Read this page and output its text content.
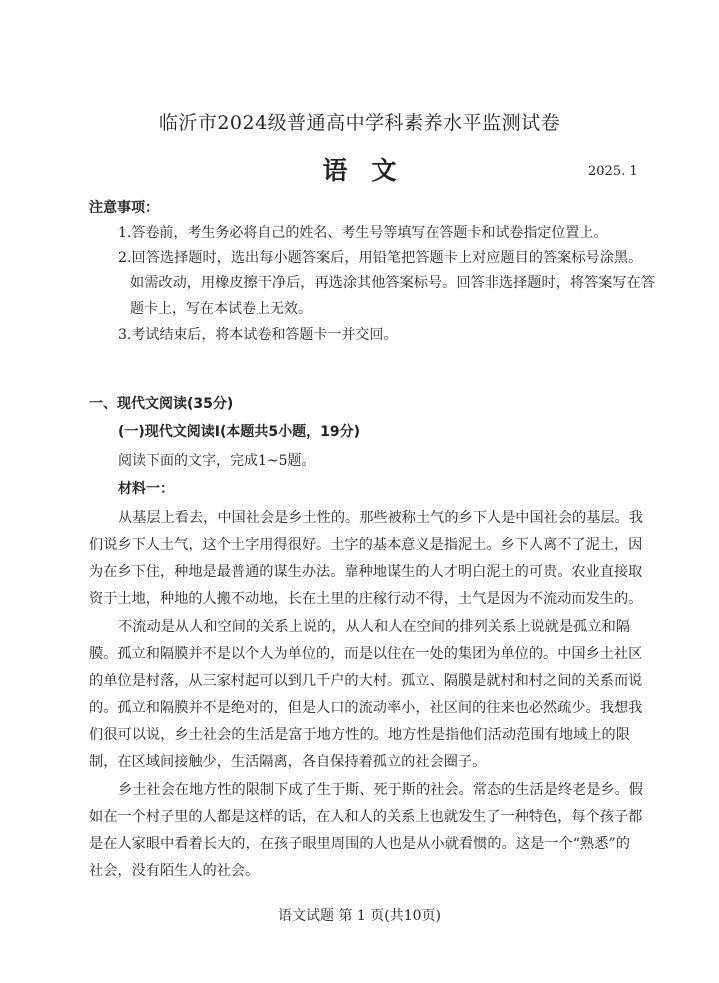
临沂市2024级普通高中学科素养水平监测试卷
语 文	2025. 1
注意事项：
1.答卷前，考生务必将自己的姓名、考生号等填写在答题卡和试卷指定位置上。
2.回答选择题时，选出每小题答案后，用铅笔把答题卡上对应题目的答案标号涂黑。
如需改动，用橡皮擦干净后，再选涂其他答案标号。回答非选择题时，将答案写在答
题卡上，写在本试卷上无效。
3.考试结束后，将本试卷和答题卡一并交回。
一、现代文阅读(35分)
(一)现代文阅读Ⅰ(本题共5小题，19分)
阅读下面的文字，完成1~5题。
材料一：
从基层上看去，中国社会是乡土性的。那些被称土气的乡下人是中国社会的基层。我
们说乡下人土气，这个土字用得很好。土字的基本意义是指泥土。乡下人离不了泥土，因
为在乡下住，种地是最普通的谋生办法。靠种地谋生的人才明白泥土的可贵。农业直接取
资于土地，种地的人搬不动地，长在土里的庄稼行动不得，土气是因为不流动而发生的。
不流动是从人和空间的关系上说的，从人和人在空间的排列关系上说就是孤立和隔
膜。孤立和隔膜并不是以个人为单位的，而是以住在一处的集团为单位的。中国乡土社区
的单位是村落，从三家村起可以到几千户的大村。孤立、隔膜是就村和村之间的关系而说
的。孤立和隔膜并不是绝对的，但是人口的流动率小，社区间的往来也必然疏少。我想我
们很可以说，乡土社会的生活是富于地方性的。地方性是指他们活动范围有地域上的限
制，在区域间接触少，生活隔离，各自保持着孤立的社会圈子。
乡土社会在地方性的限制下成了生于斯、死于斯的社会。常态的生活是终老是乡。假
如在一个村子里的人都是这样的话，在人和人的关系上也就发生了一种特色，每个孩子都
是在人家眼中看着长大的，在孩子眼里周围的人也是从小就看惯的。这是一个“熟悉”的
社会，没有陌生人的社会。
语文试题 第 1 页(共10页)
